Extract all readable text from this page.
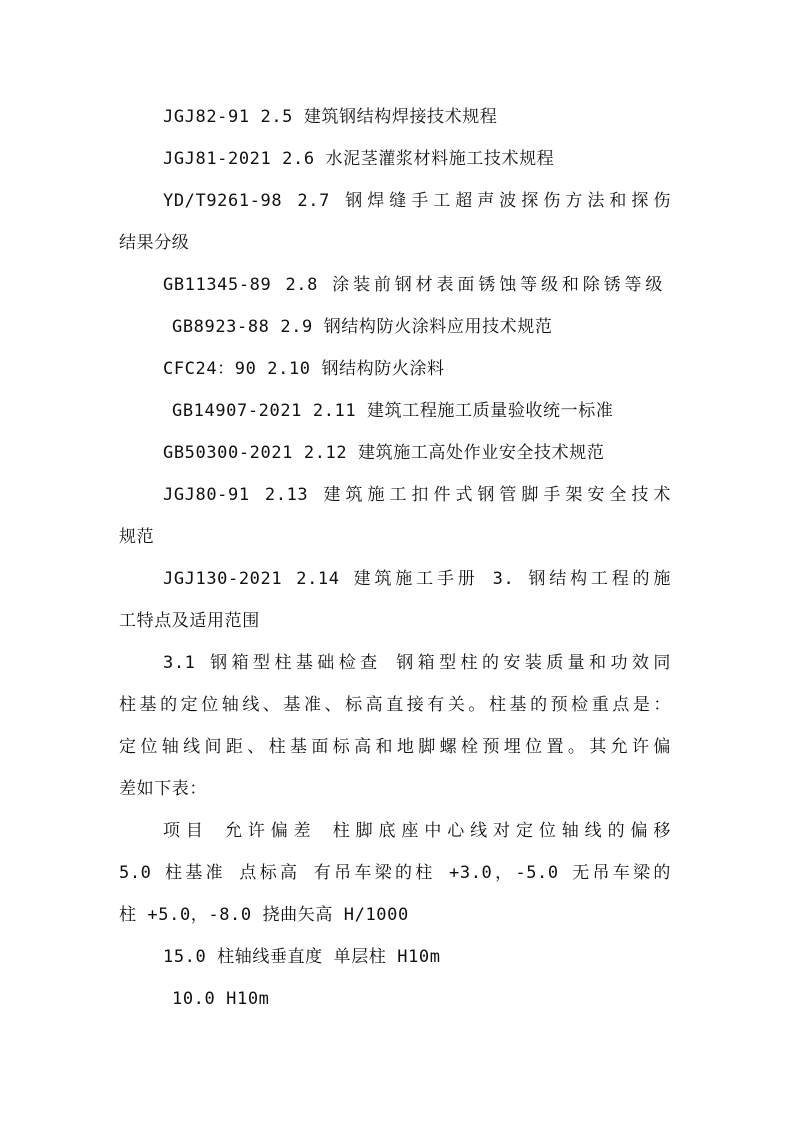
JGJ82-91 2.5 建筑钢结构焊接技术规程
JGJ81-2021 2.6 水泥茎灌浆材料施工技术规程
YD/T9261-98 2.7 钢焊缝手工超声波探伤方法和探伤
结果分级
GB11345-89 2.8 涂装前钢材表面锈蚀等级和除锈等级
GB8923-88 2.9 钢结构防火涂料应用技术规范
CFC24：90 2.10 钢结构防火涂料
GB14907-2021 2.11 建筑工程施工质量验收统一标准
GB50300-2021 2.12 建筑施工高处作业安全技术规范
JGJ80-91 2.13 建筑施工扣件式钢管脚手架安全技术
规范
JGJ130-2021 2.14 建筑施工手册 3. 钢结构工程的施
工特点及适用范围
3.1 钢箱型柱基础检查 钢箱型柱的安装质量和功效同
柱基的定位轴线、基准、标高直接有关。柱基的预检重点是：
定位轴线间距、柱基面标高和地脚螺栓预埋位置。其允许偏
差如下表：
项目 允许偏差 柱脚底座中心线对定位轴线的偏移
5.0 柱基准 点标高 有吊车梁的柱 +3.0，-5.0 无吊车梁的
柱 +5.0，-8.0 挠曲矢高 H/1000
15.0 柱轴线垂直度 单层柱 H10m
10.0 H10m
